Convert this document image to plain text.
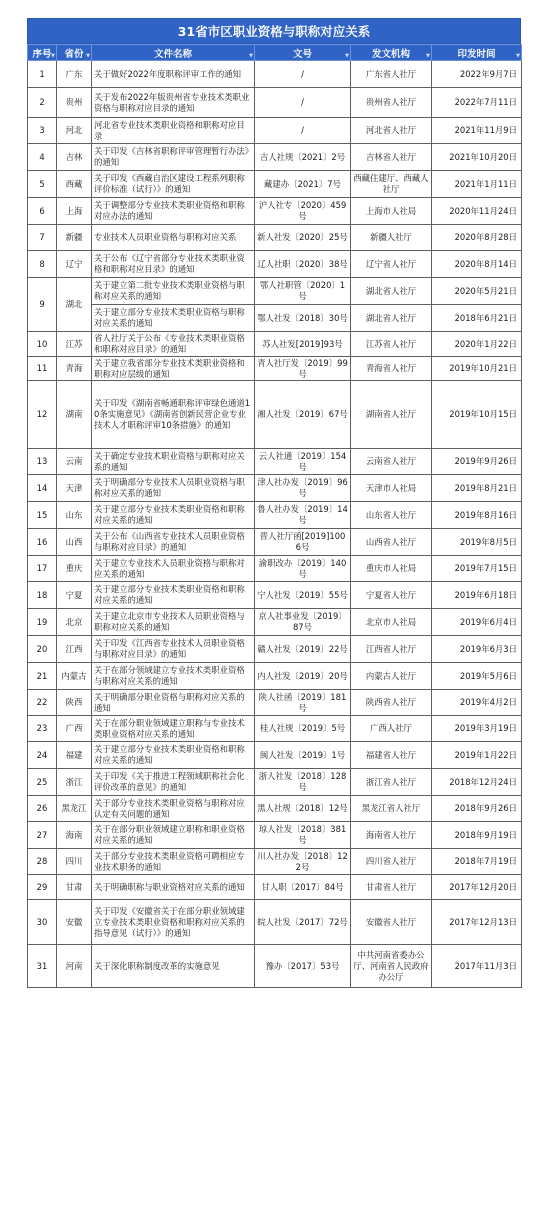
31省市区职业资格与职称对应关系
序号 ▼	省份 ▼	文件名称 ▼	文号 ▼	发文机构 ▼	印发时间 ▼

1	广东	关于做好2022年度职称评审工作的通知	/	广东省人社厅	2022年9月7日
2	贵州	关于发布2022年版贵州省专业技术类职业资格与职称对应目录的通知	/	贵州省人社厅	2022年7月11日
3	河北	河北省专业技术类职业资格和职称对应目录	/	河北省人社厅	2021年11月9日
4	吉林	关于印发《吉林省职称评审管理暂行办法》的通知	吉人社规〔2021〕2号	吉林省人社厅	2021年10月20日
5	西藏	关于印发《西藏自治区建设工程系列职称评价标准（试行）》的通知	藏建办〔2021〕7号	西藏住建厅、西藏人社厅	2021年1月11日
6	上海	关于调整部分专业技术类职业资格和职称对应办法的通知	沪人社专〔2020〕459号	上海市人社局	2020年11月24日
7	新疆	专业技术人员职业资格与职称对应关系	新人社发〔2020〕25号	新疆人社厅	2020年8月28日
8	辽宁	关于公布《辽宁省部分专业技术类职业资格和职称对应目录》的通知	辽人社职〔2020〕38号	辽宁省人社厅	2020年8月14日
9	湖北	关于建立第二批专业技术类职业资格与职称对应关系的通知	鄂人社职管〔2020〕1号	湖北省人社厅	2020年5月21日
		关于建立部分专业技术类职业资格与职称对应关系的通知	鄂人社发〔2018〕30号	湖北省人社厅	2018年6月21日
10	江苏	省人社厅关于公布《专业技术类职业资格和职称对应目录》的通知	苏人社发[2019]93号	江苏省人社厅	2020年1月22日
11	青海	关于建立我省部分专业技术类职业资格和职称对应层级的通知	青人社厅发〔2019〕99号	青海省人社厅	2019年10月21日
12	湖南	关于印发《湖南省畅通职称评审绿色通道10条实施意见》《湖南省创新民营企业专业技术人才职称评审10条措施》的通知	湘人社发〔2019〕67号	湖南省人社厅	2019年10月15日
13	云南	关于确定专业技术职业资格与职称对应关系的通知	云人社通〔2019〕154号	云南省人社厅	2019年9月26日
14	天津	关于明确部分专业技术人员职业资格与职称对应关系的通知	津人社办发〔2019〕96号	天津市人社局	2019年8月21日
15	山东	关于建立部分专业技术类职业资格和职称对应关系的通知	鲁人社办发〔2019〕14号	山东省人社厅	2019年8月16日
16	山西	关于公布《山西省专业技术人员职业资格与职称对应目录》的通知	晋人社厅函[2019]1006号	山西省人社厅	2019年8月5日
17	重庆	关于建立专业技术人员职业资格与职称对应关系的通知	渝职改办〔2019〕140号	重庆市人社局	2019年7月15日
18	宁夏	关于建立部分专业技术类职业资格和职称对应关系的通知	宁人社发〔2019〕55号	宁夏省人社厅	2019年6月18日
19	北京	关于建立北京市专业技术人员职业资格与职称对应关系的通知	京人社事业发〔2019〕87号	北京市人社局	2019年6月4日
20	江西	关于印发《江西省专业技术人员职业资格与职称对应目录》的通知	赣人社发〔2019〕22号	江西省人社厅	2019年6月3日
21	内蒙古	关于在部分领域建立专业技术类职业资格与职称对应关系的通知	内人社发〔2019〕20号	内蒙古人社厅	2019年5月6日
22	陕西	关于明确部分职业资格与职称对应关系的通知	陕人社函〔2019〕181号	陕西省人社厅	2019年4月2日
23	广西	关于在部分职业领域建立职称与专业技术类职业资格对应关系的通知	桂人社规〔2019〕5号	广西人社厅	2019年3月19日
24	福建	关于建立部分专业技术类职业资格和职称对应关系的通知	闽人社发〔2019〕1号	福建省人社厅	2019年1月22日
25	浙江	关于印发《关于推进工程领域职称社会化评价改革的意见》的通知	浙人社发〔2018〕128号	浙江省人社厅	2018年12月24日
26	黑龙江	关于部分专业技术类职业资格与职称对应认定有关问题的通知	黑人社规〔2018〕12号	黑龙江省人社厅	2018年9月26日
27	海南	关于在部分职业领域建立职称和职业资格对应关系的通知	琼人社发〔2018〕381号	海南省人社厅	2018年9月19日
28	四川	关于部分专业技术类职业资格可聘相应专业技术职务的通知	川人社办发〔2018〕122号	四川省人社厅	2018年7月19日
29	甘肃	关于明确职称与职业资格对应关系的通知	甘人职〔2017〕84号	甘肃省人社厅	2017年12月20日
30	安徽	关于印发《安徽省关于在部分职业领域建立专业技术类职业资格和职称对应关系的指导意见（试行）》的通知	皖人社发〔2017〕72号	安徽省人社厅	2017年12月13日
31	河南	关于深化职称制度改革的实施意见	豫办〔2017〕53号	中共河南省委办公厅、河南省人民政府办公厅	2017年11月3日
